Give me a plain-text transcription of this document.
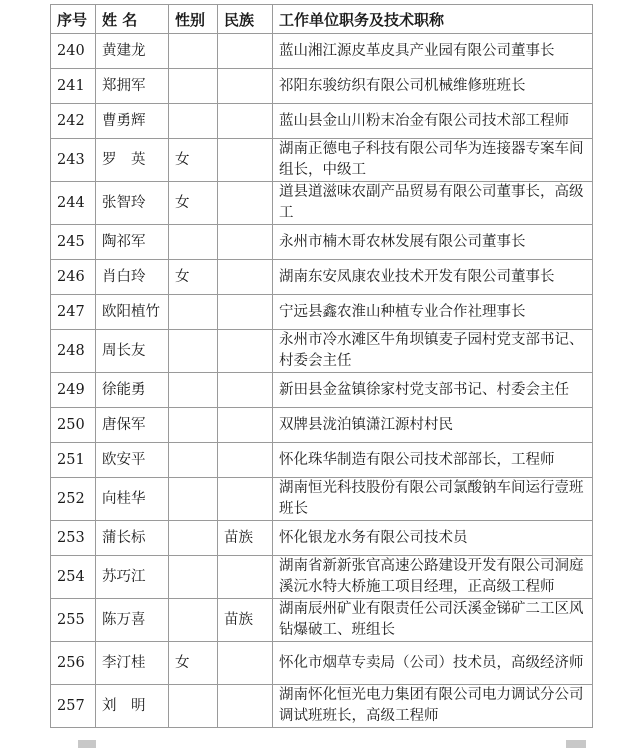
序号	姓 名	性别	民族	工作单位职务及技术职称
240	黄建龙			蓝山湘江源皮革皮具产业园有限公司董事长
241	郑拥军			祁阳东骏纺织有限公司机械维修班班长
242	曹勇辉			蓝山县金山川粉末冶金有限公司技术部工程师
243	罗　英	女		湖南正德电子科技有限公司华为连接器专案车间组长，中级工
244	张智玲	女		道县道滋味农副产品贸易有限公司董事长，高级工
245	陶祁军			永州市楠木哥农林发展有限公司董事长
246	肖白玲	女		湖南东安凤康农业技术开发有限公司董事长
247	欧阳植竹			宁远县鑫农淮山种植专业合作社理事长
248	周长友			永州市冷水滩区牛角坝镇麦子园村党支部书记、村委会主任
249	徐能勇			新田县金盆镇徐家村党支部书记、村委会主任
250	唐保军			双牌县泷泊镇潇江源村村民
251	欧安平			怀化珠华制造有限公司技术部部长，工程师
252	向桂华			湖南恒光科技股份有限公司氯酸钠车间运行壹班班长
253	蒲长标		苗族	怀化银龙水务有限公司技术员
254	苏巧江			湖南省新新张官高速公路建设开发有限公司洞庭溪沅水特大桥施工项目经理，正高级工程师
255	陈万喜		苗族	湖南辰州矿业有限责任公司沃溪金锑矿二工区风钻爆破工、班组长
256	李汀桂	女		怀化市烟草专卖局（公司）技术员，高级经济师
257	刘　明			湖南怀化恒光电力集团有限公司电力调试分公司调试班班长，高级工程师
